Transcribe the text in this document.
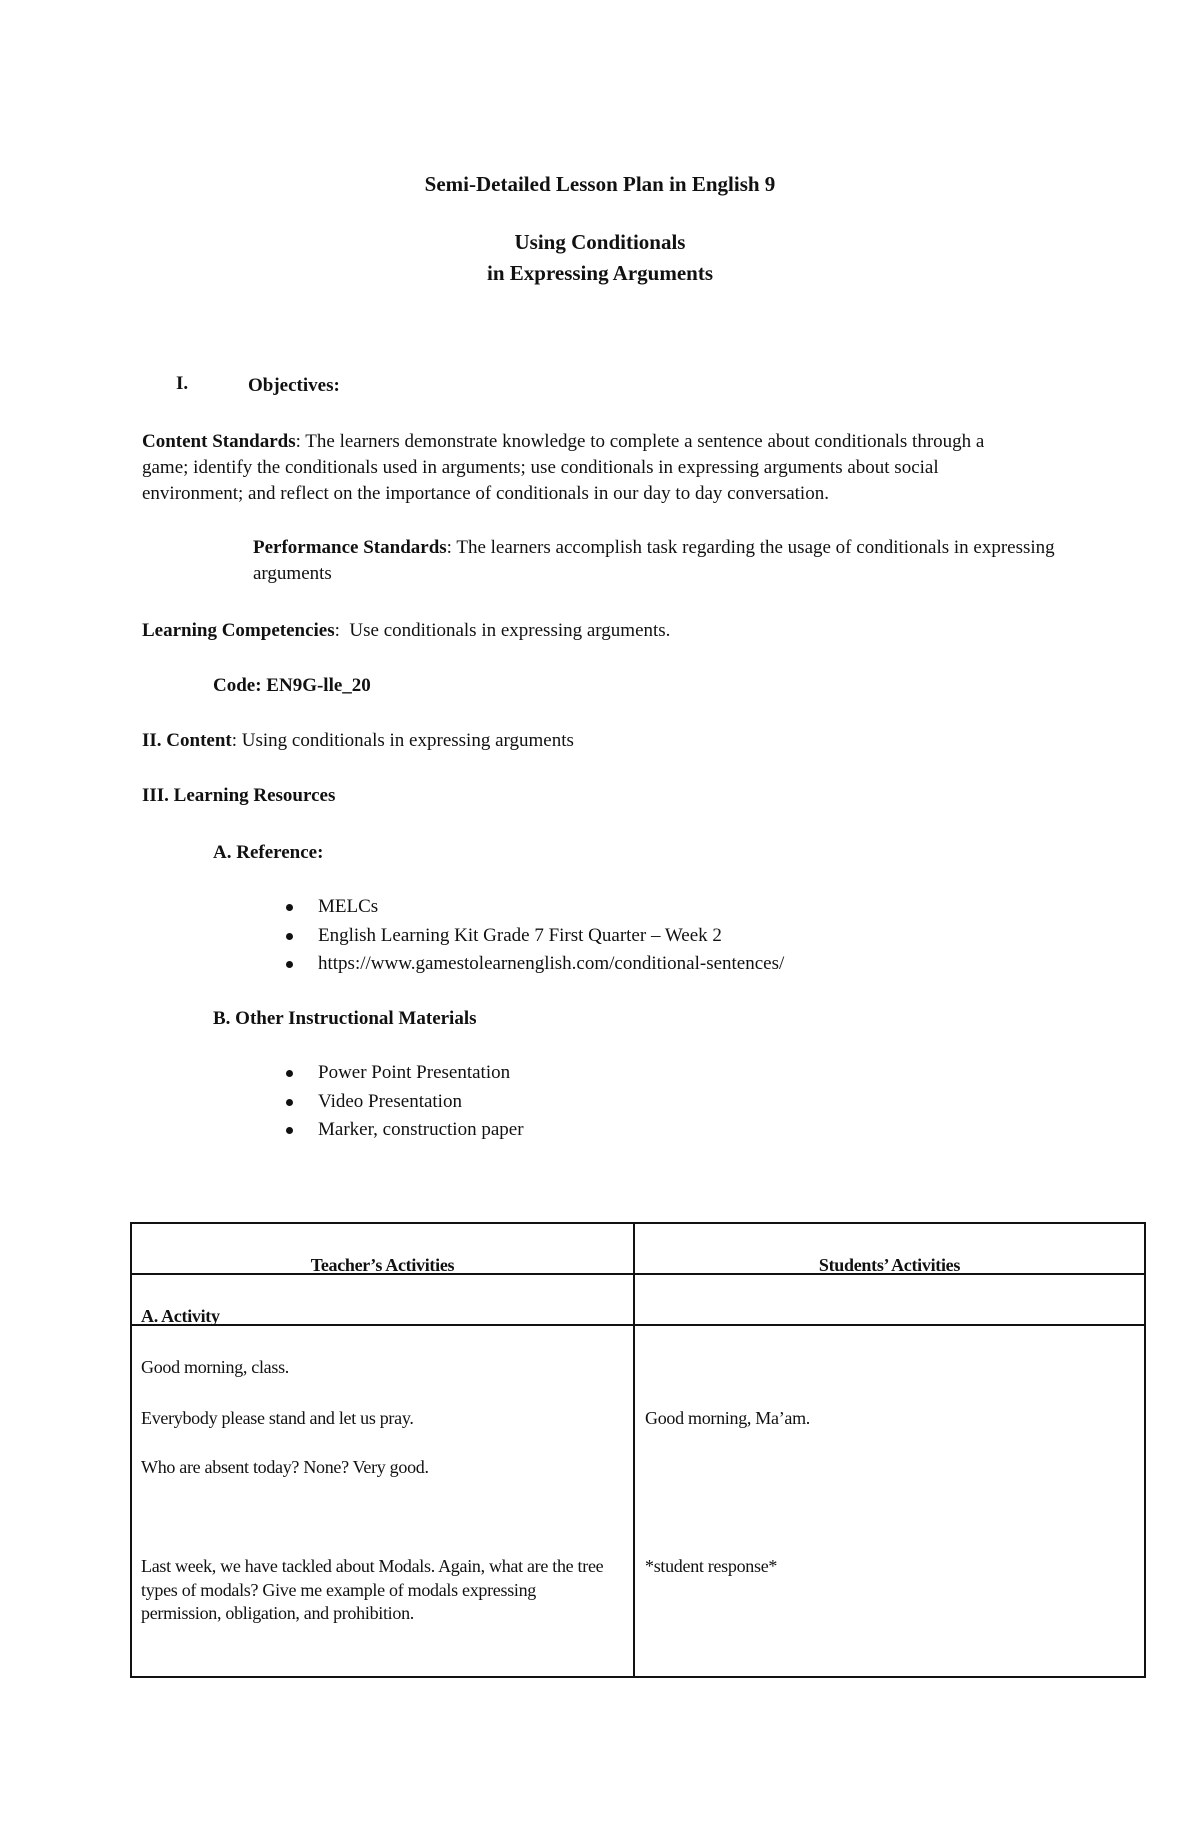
Semi-Detailed Lesson Plan in English 9
Using Conditionals
in Expressing Arguments
I.	Objectives:
Content Standards: The learners demonstrate knowledge to complete a sentence about conditionals through a game; identify the conditionals used in arguments; use conditionals in expressing arguments about social environment; and reflect on the importance of conditionals in our day to day conversation.
Performance Standards: The learners accomplish task regarding the usage of conditionals in expressing arguments
Learning Competencies:  Use conditionals in expressing arguments.
Code: EN9G-lle_20
II. Content: Using conditionals in expressing arguments
III. Learning Resources
A. Reference:
MELCs
English Learning Kit Grade 7 First Quarter – Week 2
https://www.gamestolearnenglish.com/conditional-sentences/
B. Other Instructional Materials
Power Point Presentation
Video Presentation
Marker, construction paper
Teacher’s Activities	Students’ Activities
A. Activity
Good morning, class.
Everybody please stand and let us pray.
Who are absent today? None? Very good.
Last week, we have tackled about Modals. Again, what are the tree types of modals? Give me example of modals expressing permission, obligation, and prohibition.
Good morning, Ma’am.
*student response*
